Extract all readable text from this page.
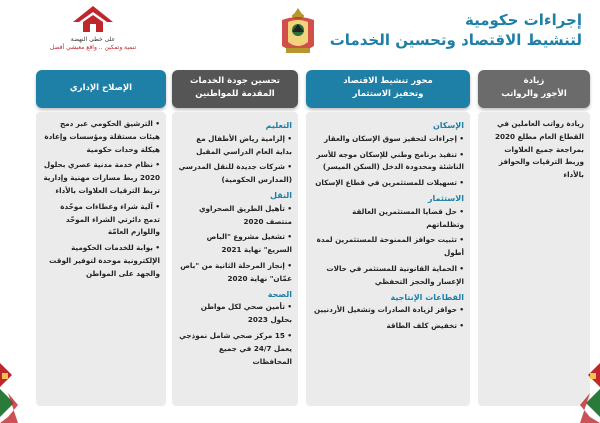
إجراءات حكومية
لتنشيط الاقتصاد وتحسين الخدمات
على خطى النهضة
تنمية وتمكين .. واقع معيشي أفضل
زيادة
الأجور والرواتب
زيادة رواتب العاملين في القطاع العام مطلع 2020 بمراجعة جميع العلاوات وربط الترقيات والحوافز بالأداء
محور تنشيط الاقتصاد
وتحفيز الاستثمار
الإسكان
• إجراءات لتحفيز سوق الإسكان والعقار
• تنفيذ برنامج وطني للإسكان موجه للأسر الناشئة ومحدودة الدخل (السكن الميسر)
• تسهيلات للمستثمرين في قطاع الإسكان
الاستثمار
• حل قضايا المستثمرين العالقة وتظلماتهم
• تثبيت حوافز الممنوحة للمستثمرين لمدة أطول
• الحماية القانونية للمستثمر في حالات الإعسار والحجز التحفظي
القطاعات الإنتاجية
• حوافز لزيادة الصادرات وتشغيل الأردنيين
• تخفيض كلف الطاقة
تحسين جودة الخدمات
المقدمة للمواطنين
التعليم
• إلزامية رياض الأطفال مع بداية العام الدراسي المقبل
• شركات جديدة للنقل المدرسي (المدارس الحكومية)
النقل
• تأهيل الطريق الصحراوي منتصف 2020
• تشغيل مشروع "الباص السريع" نهاية 2021
• إنجاز المرحلة الثانية من "باص عمّان" نهاية 2020
الصحة
• تأمين صحي لكل مواطن بحلول 2023
• 15 مركز صحي شامل نموذجي يعمل 24/7 في جميع المحافظات
الإصلاح الإداري
• الترشيق الحكومي عبر دمج هيئات مستقلة ومؤسسات وإعادة هيكلة وحدات حكومية
• نظام خدمة مدنية عصري بحلول 2020 ربط مسارات مهنية وإدارية تربط الترقيات العلاوات بالأداء
• آلية شراء وعطاءات موحّدة تدمج دائرتي الشراء الموحّد واللوازم العامّة
• بوابة للخدمات الحكومية الإلكترونية موحدة لتوفير الوقت والجهد على المواطن
